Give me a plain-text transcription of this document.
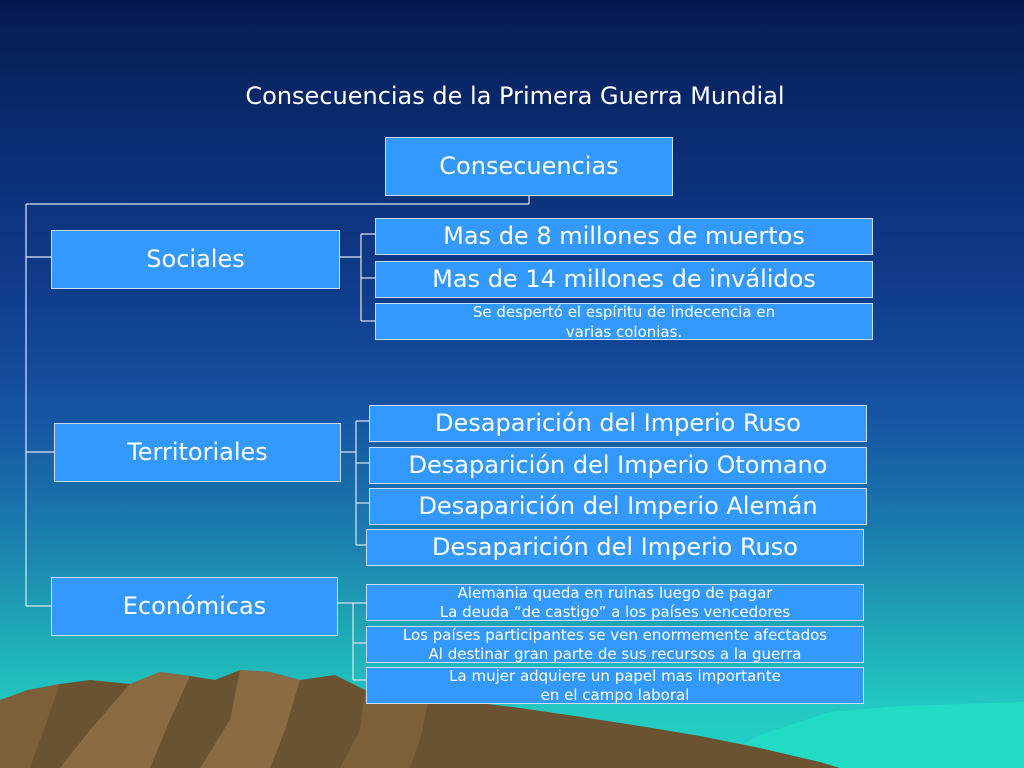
Consecuencias de la Primera Guerra Mundial
Consecuencias
Sociales
Mas de 8 millones de muertos
Mas de 14 millones de inválidos
Se despertó el espíritu de indecencia en
varias colonias.
Territoriales
Desaparición del Imperio Ruso
Desaparición del Imperio Otomano
Desaparición del Imperio Alemán
Desaparición del Imperio Ruso
Económicas	Alemania queda en ruinas luego de pagar
La deuda “de castigo” a los países vencedores
Los países participantes se ven enormemente afectados
Al destinar gran parte de sus recursos a la guerra
La mujer adquiere un papel mas importante
en el campo laboral
